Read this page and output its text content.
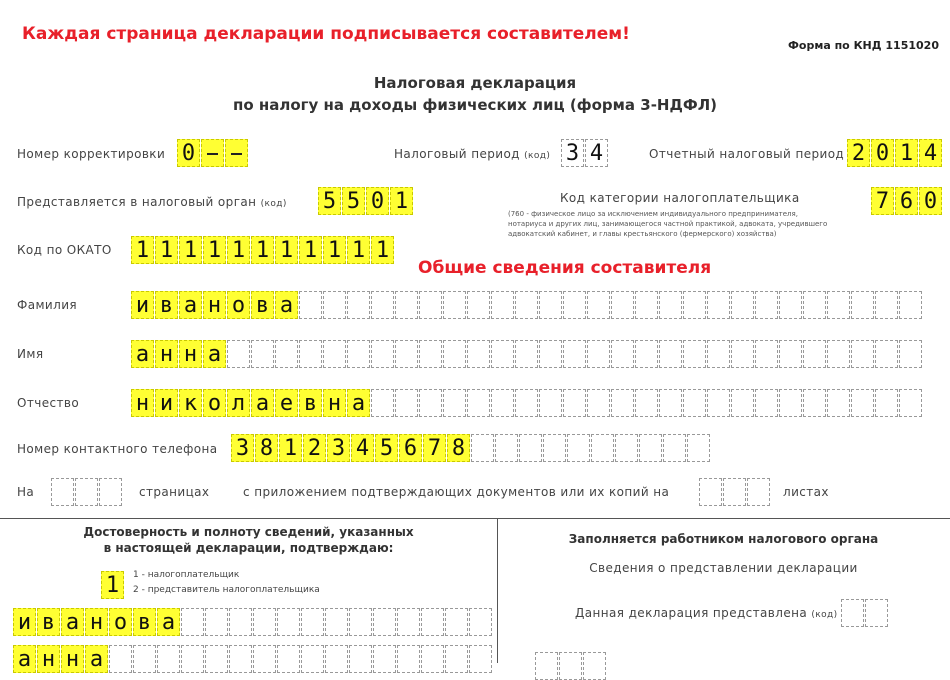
Каждая страница декларации подписывается составителем!
Форма по КНД 1151020
Налоговая декларация
по налогу на доходы физических лиц (форма 3-НДФЛ)
Номер корректировки 0	Налоговый период (код) 3 4	Отчетный налоговый период 2 0 1 4
Представляется в налоговый орган (код) 5 5 0 1	Код категории налогоплательщика	7 6 0
(760 - физическое лицо за исключением индивидуального предпринимателя,
нотариуса и других лиц, занимающегося частной практикой, адвоката, учредившего
адвокатский кабинет, и главы крестьянского (фермерского) хозяйства)
Код по ОКАТО 1 1 1 1 1 1 1 1 1 1 1
Общие сведения составителя
Фамилия	и в а н о в а
Имя	а н н а
Отчество	н и к о л а е в н а
Номер контактного телефона 3 8 1 2 3 4 5 6 7 8
На	страницах	с приложением подтверждающих документов или их копий на	листах
Достоверность и полноту сведений, указанных
в настоящей декларации, подтверждаю:
1	1 - налогоплательщик
2 - представитель налогоплательщика
и в а н о в а
а н н а
Заполняется работником налогового органа
Сведения о представлении декларации
Данная декларация представлена (код)
